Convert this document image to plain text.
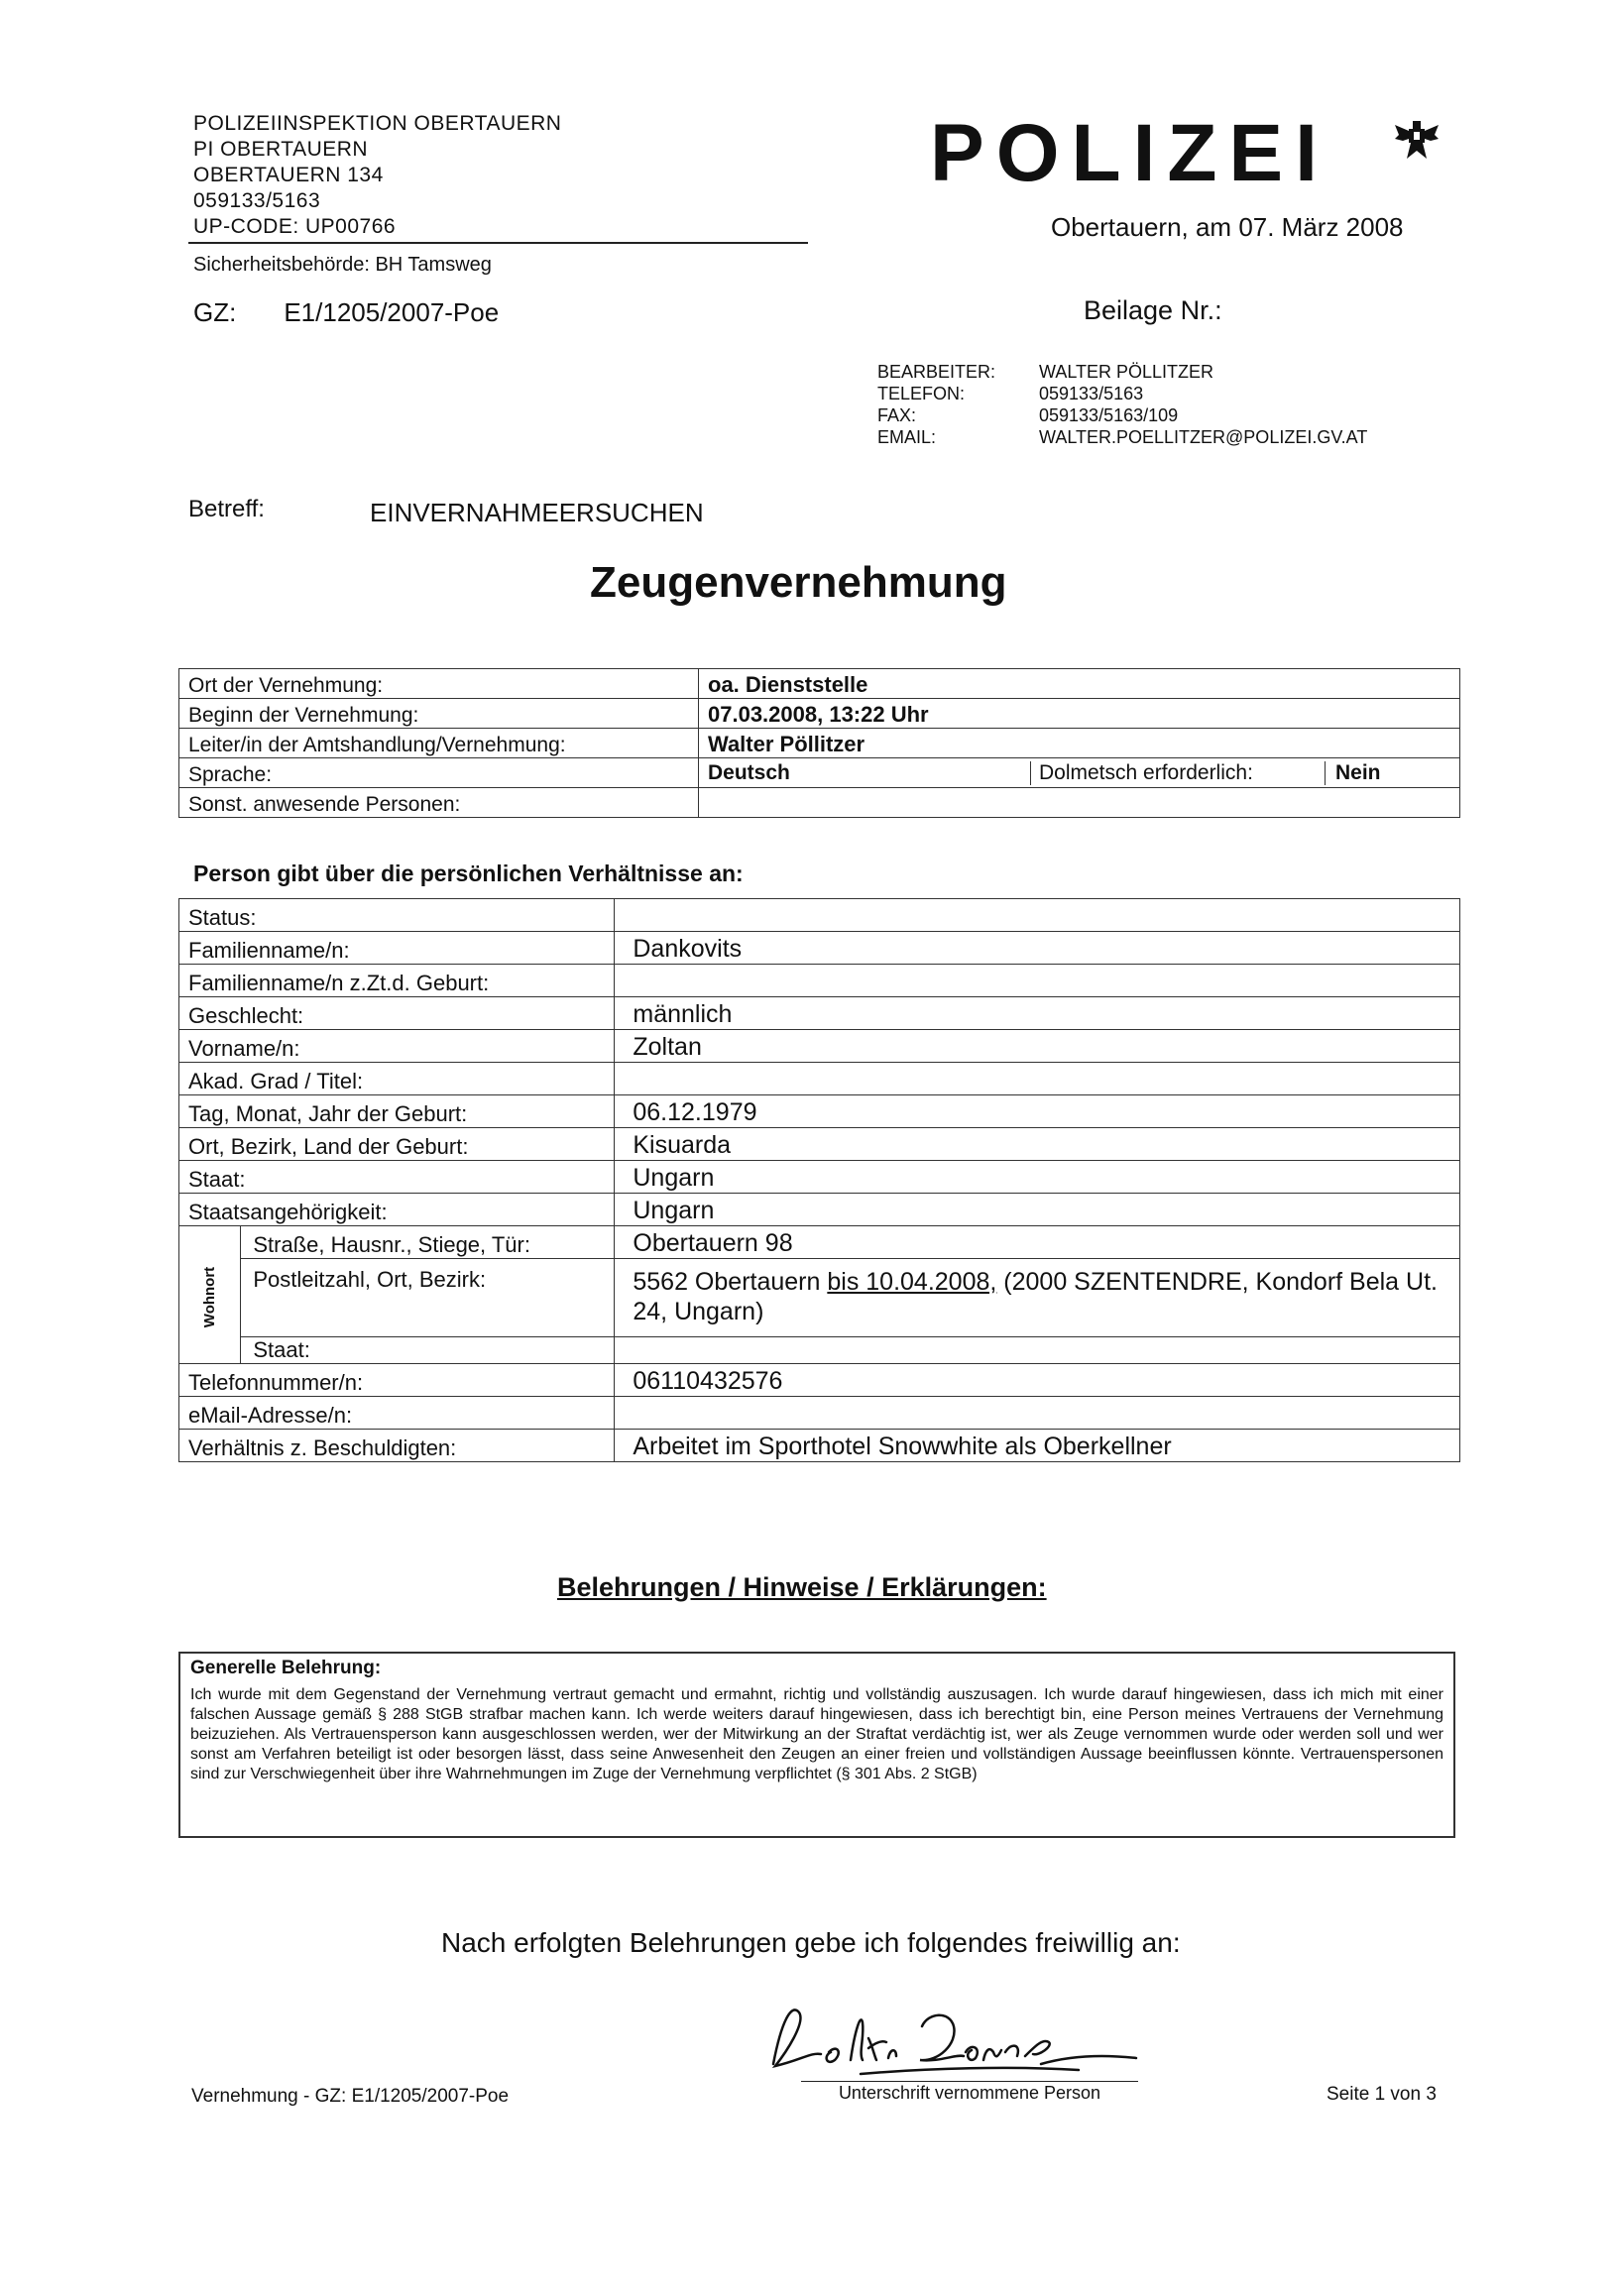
POLIZEIINSPEKTION OBERTAUERN
PI OBERTAUERN
OBERTAUERN 134
059133/5163
UP-CODE: UP00766
Sicherheitsbehörde: BH Tamsweg
GZ: E1/1205/2007-Poe
POLIZEI
Obertauern, am 07. März 2008
Beilage Nr.:
BEARBEITER:	WALTER PÖLLITZER
TELEFON:	059133/5163
FAX:	059133/5163/109
EMAIL:	WALTER.POELLITZER@POLIZEI.GV.AT
Betreff:	EINVERNAHMEERSUCHEN
Zeugenvernehmung
Ort der Vernehmung:	oa. Dienststelle
Beginn der Vernehmung:	07.03.2008, 13:22 Uhr
Leiter/in der Amtshandlung/Vernehmung:	Walter Pöllitzer
Sprache:	Deutsch Dolmetsch erforderlich: Nein

Sonst. anwesende Personen:	
Person gibt über die persönlichen Verhältnisse an:
Status:		
Familienname/n:		Dankovits
Familienname/n z.Zt.d. Geburt:		
Geschlecht:		männlich
Vorname/n:		Zoltan
Akad. Grad / Titel:		
Tag, Monat, Jahr der Geburt:		06.12.1979
Ort, Bezirk, Land der Geburt:		Kisuarda
Staat:		Ungarn
Staatsangehörigkeit:		Ungarn
Wohnort	Straße, Hausnr., Stiege, Tür:	Obertauern 98
	Postleitzahl, Ort, Bezirk:	5562 Obertauern bis 10.04.2008, (2000 SZENTENDRE, Kondorf Bela Ut. 24, Ungarn)
	Staat:	
Telefonnummer/n:		06110432576
eMail-Adresse/n:		
Verhältnis z. Beschuldigten:		Arbeitet im Sporthotel Snowwhite als Oberkellner
Belehrungen / Hinweise / Erklärungen:
Generelle Belehrung:
Ich wurde mit dem Gegenstand der Vernehmung vertraut gemacht und ermahnt, richtig und vollständig auszusagen. Ich wurde darauf hingewiesen, dass ich mich mit einer falschen Aussage gemäß § 288 StGB strafbar machen kann. Ich werde weiters darauf hingewiesen, dass ich berechtigt bin, eine Person meines Vertrauens der Vernehmung beizuziehen. Als Vertrauensperson kann ausgeschlossen werden, wer der Mitwirkung an der Straftat verdächtig ist, wer als Zeuge vernommen wurde oder werden soll und wer sonst am Verfahren beteiligt ist oder besorgen lässt, dass seine Anwesenheit den Zeugen an einer freien und vollständigen Aussage beeinflussen könnte. Vertrauenspersonen sind zur Verschwiegenheit über ihre Wahrnehmungen im Zuge der Vernehmung verpflichtet (§ 301 Abs. 2 StGB)
Nach erfolgten Belehrungen gebe ich folgendes freiwillig an:
Unterschrift vernommene Person
Vernehmung - GZ: E1/1205/2007-Poe	Seite 1 von 3
